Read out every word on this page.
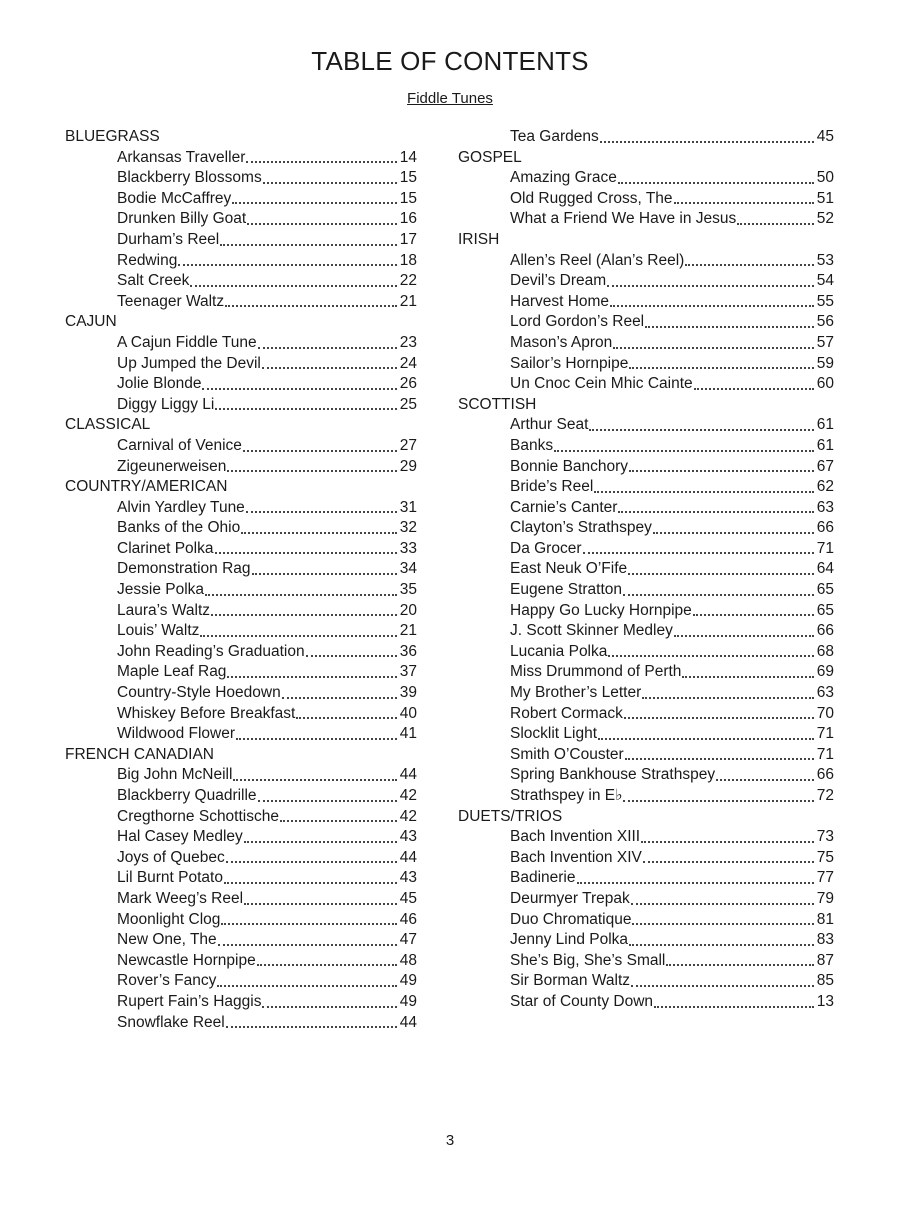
TABLE OF CONTENTS
Fiddle Tunes
BLUEGRASS
Arkansas Traveller	14
Blackberry Blossoms	15
Bodie McCaffrey	15
Drunken Billy Goat	16
Durham’s Reel	17
Redwing	18
Salt Creek	22
Teenager Waltz	21
CAJUN
A Cajun Fiddle Tune	23
Up Jumped the Devil	24
Jolie Blonde	26
Diggy Liggy Li	25
CLASSICAL
Carnival of Venice	27
Zigeunerweisen	29
COUNTRY/AMERICAN
Alvin Yardley Tune	31
Banks of the Ohio	32
Clarinet Polka	33
Demonstration Rag	34
Jessie Polka	35
Laura’s Waltz	20
Louis’ Waltz	21
John Reading’s Graduation	36
Maple Leaf Rag	37
Country-Style Hoedown	39
Whiskey Before Breakfast	40
Wildwood Flower	41
FRENCH CANADIAN
Big John McNeill	44
Blackberry Quadrille	42
Cregthorne Schottische	42
Hal Casey Medley	43
Joys of Quebec	44
Lil Burnt Potato	43
Mark Weeg’s Reel	45
Moonlight Clog	46
New One, The	47
Newcastle Hornpipe	48
Rover’s Fancy	49
Rupert Fain’s Haggis	49
Snowflake Reel	44
Tea Gardens	45
GOSPEL
Amazing Grace	50
Old Rugged Cross, The	51
What a Friend We Have in Jesus	52
IRISH
Allen’s Reel (Alan’s Reel)	53
Devil’s Dream	54
Harvest Home	55
Lord Gordon’s Reel	56
Mason’s Apron	57
Sailor’s Hornpipe	59
Un Cnoc Cein Mhic Cainte	60
SCOTTISH
Arthur Seat	61
Banks	61
Bonnie Banchory	67
Bride’s Reel	62
Carnie’s Canter	63
Clayton’s Strathspey	66
Da Grocer	71
East Neuk O’Fife	64
Eugene Stratton	65
Happy Go Lucky Hornpipe	65
J. Scott Skinner Medley	66
Lucania Polka	68
Miss Drummond of Perth	69
My Brother’s Letter	63
Robert Cormack	70
Slocklit Light	71
Smith O’Couster	71
Spring Bankhouse Strathspey	66
Strathspey in E♭	72
DUETS/TRIOS
Bach Invention XIII	73
Bach Invention XIV	75
Badinerie	77
Deurmyer Trepak	79
Duo Chromatique	81
Jenny Lind Polka	83
She’s Big, She’s Small	87
Sir Borman Waltz	85
Star of County Down	13
3
